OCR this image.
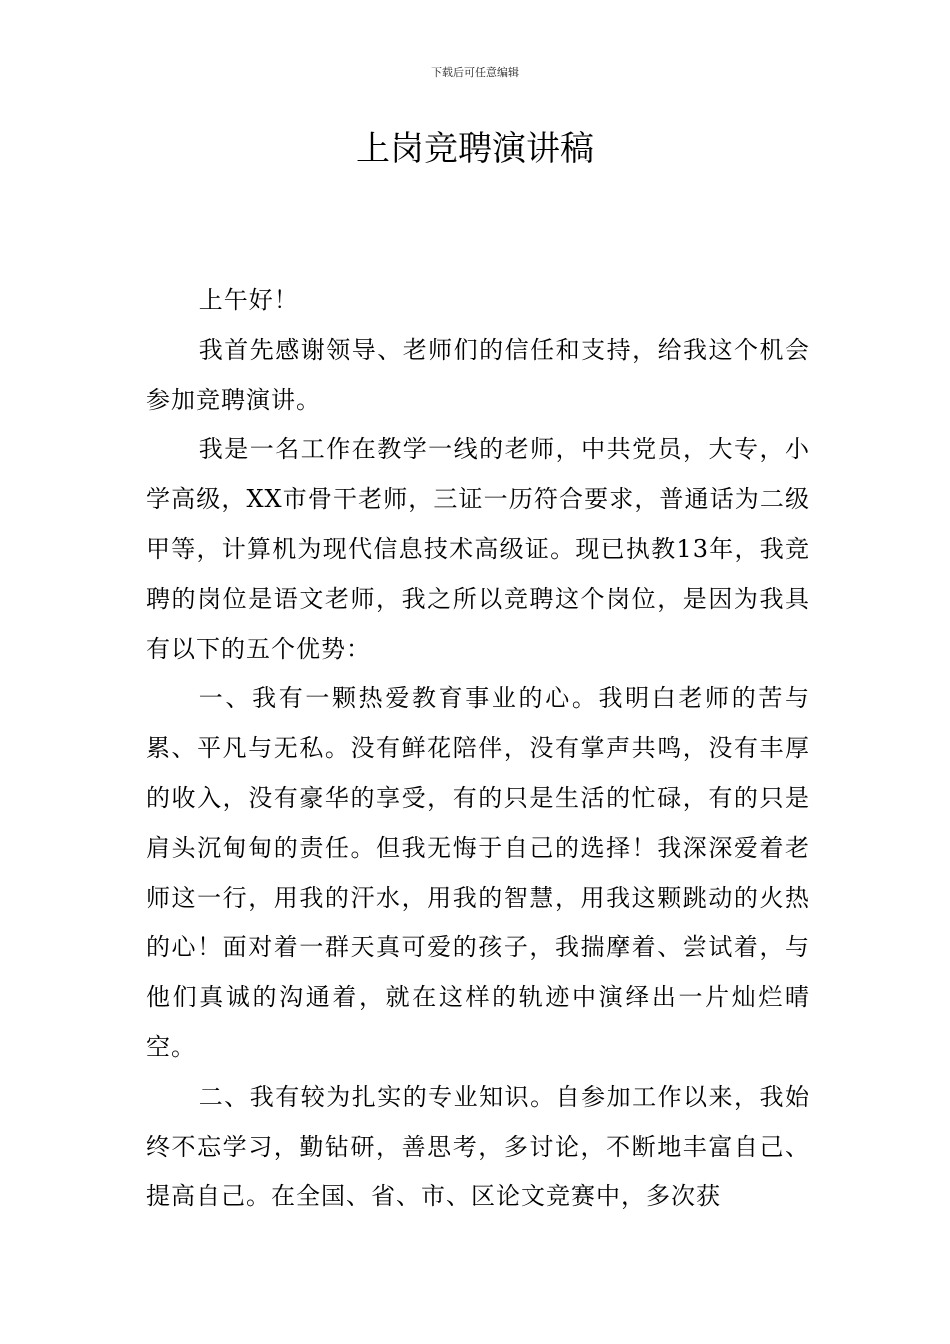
下载后可任意编辑
上岗竞聘演讲稿

上午好！

我首先感谢领导、老师们的信任和支持，给我这个机会参加竞聘演讲。

我是一名工作在教学一线的老师，中共党员，大专，小学高级，XX市骨干老师，三证一历符合要求，普通话为二级甲等，计算机为现代信息技术高级证。现已执教13年，我竞聘的岗位是语文老师，我之所以竞聘这个岗位，是因为我具有以下的五个优势：

一、我有一颗热爱教育事业的心。我明白老师的苦与累、平凡与无私。没有鲜花陪伴，没有掌声共鸣，没有丰厚的收入，没有豪华的享受，有的只是生活的忙碌，有的只是肩头沉甸甸的责任。但我无悔于自己的选择！我深深爱着老师这一行，用我的汗水，用我的智慧，用我这颗跳动的火热的心！面对着一群天真可爱的孩子，我揣摩着、尝试着，与他们真诚的沟通着，就在这样的轨迹中演绎出一片灿烂晴空。

二、我有较为扎实的专业知识。自参加工作以来，我始终不忘学习，勤钻研，善思考，多讨论，不断地丰富自己、提高自己。在全国、省、市、区论文竞赛中，多次获
